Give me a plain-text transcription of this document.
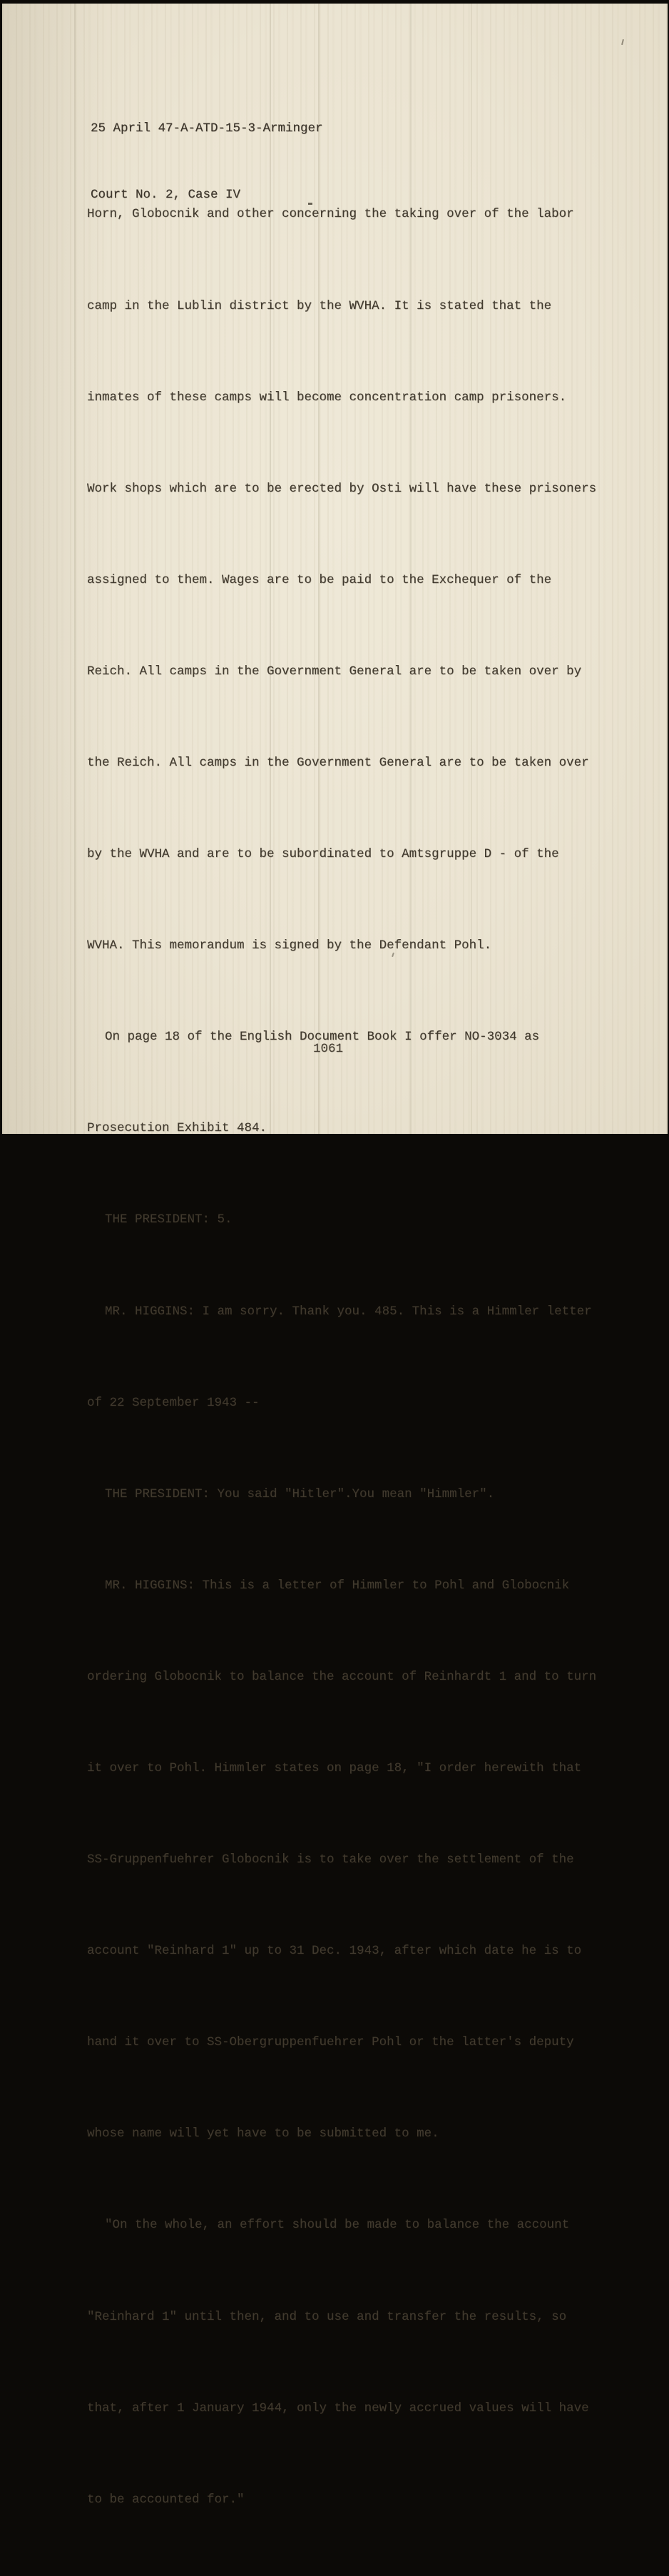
25 April 47-A-ATD-15-3-Arminger

Court No. 2, Case IV

Horn, Globocnik and other concerning the taking over of the labor

camp in the Lublin district by the WVHA. It is stated that the

inmates of these camps will become concentration camp prisoners.

Work shops which are to be erected by Osti will have these prisoners

assigned to them. Wages are to be paid to the Exchequer of the

Reich. All camps in the Government General are to be taken over by

the Reich. All camps in the Government General are to be taken over

by the WVHA and are to be subordinated to Amtsgruppe D - of the

WVHA. This memorandum is signed by the Defendant Pohl.

On page 18 of the English Document Book I offer NO-3034 as

Prosecution Exhibit 484.

THE PRESIDENT: 5.

MR. HIGGINS: I am sorry. Thank you. 485. This is a Himmler letter

of 22 September 1943 --

THE PRESIDENT: You said "Hitler".You mean "Himmler".

MR. HIGGINS: This is a letter of Himmler to Pohl and Globocnik

ordering Globocnik to balance the account of Reinhardt 1 and to turn

it over to Pohl. Himmler states on page 18, "I order herewith that

SS-Gruppenfuehrer Globocnik is to take over the settlement of the

account "Reinhard 1" up to 31 Dec. 1943, after which date he is to

hand it over to SS-Obergruppenfuehrer Pohl or the latter's deputy

whose name will yet have to be submitted to me.

"On the whole, an effort should be made to balance the account

"Reinhard 1" until then, and to use and transfer the results, so

that, after 1 January 1944, only the newly accrued values will have

to be accounted for."

1061
